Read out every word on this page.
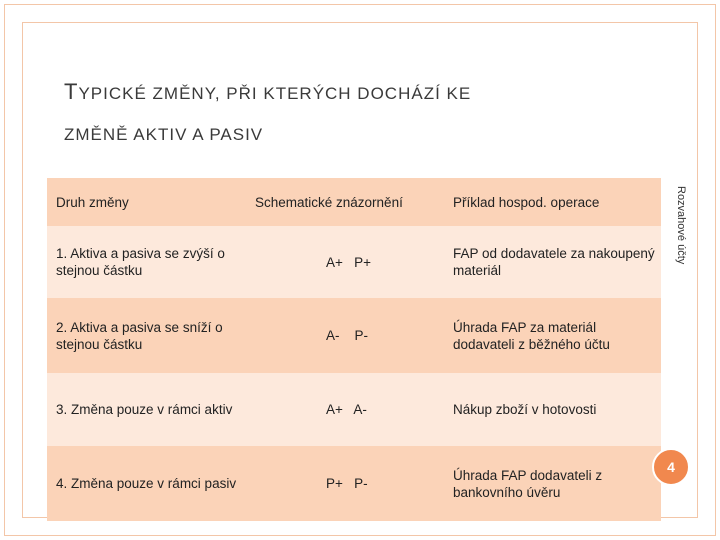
TYPICKÉ ZMĚNY, PŘI KTERÝCH DOCHÁZÍ KE
ZMĚNĚ AKTIV A PASIV
Druh změny	Schematické znázornění	Příklad hospod. operace
1. Aktiva a pasiva se zvýší o stejnou částku	A+   P+	FAP od dodavatele za nakoupený materiál
2. Aktiva a pasiva se sníží o stejnou částku	A-    P-	Úhrada FAP za materiál dodavateli z běžného účtu
3. Změna pouze v rámci aktiv	A+   A-	Nákup zboží v hotovosti
4. Změna pouze v rámci pasiv	P+   P-	Úhrada FAP dodavateli z bankovního úvěru
Rozvahové účty
4
